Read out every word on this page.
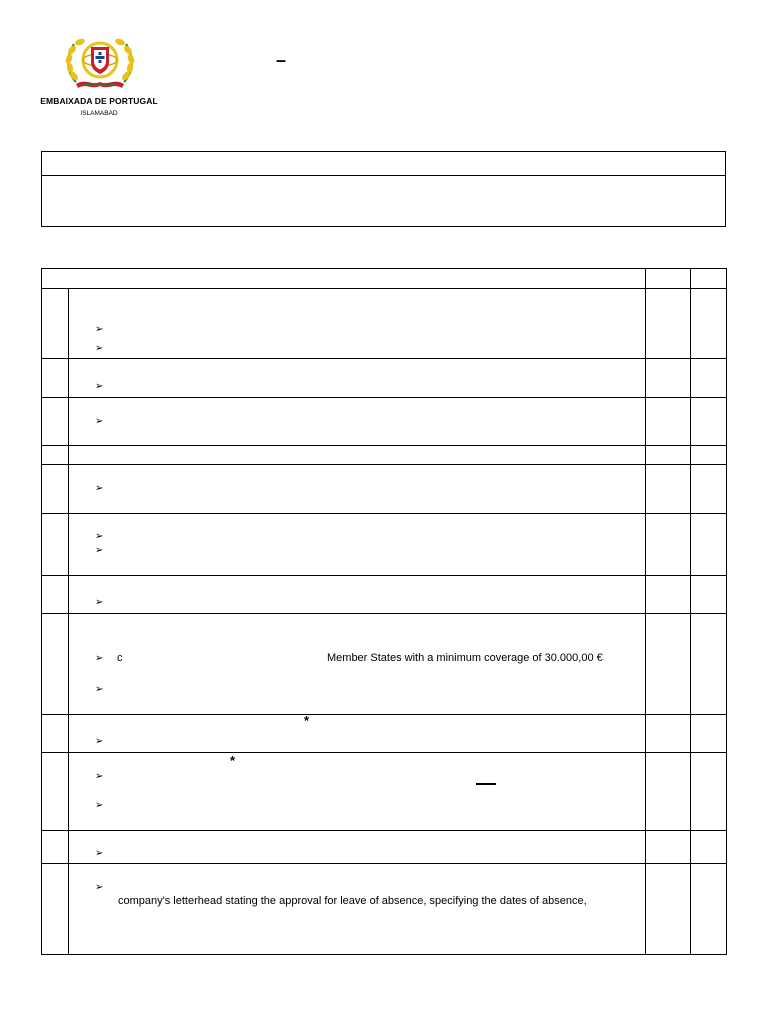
EMBAIXADA DE PORTUGAL
ISLAMABAD
–
➢
➢
➢
➢
➢
➢
➢
➢
➢
➢
➢
➢
➢
➢
➢
c	Member States with a minimum coverage of 30.000,00 €
company's letterhead stating the approval for leave of absence, specifying the dates of absence,
*
*
